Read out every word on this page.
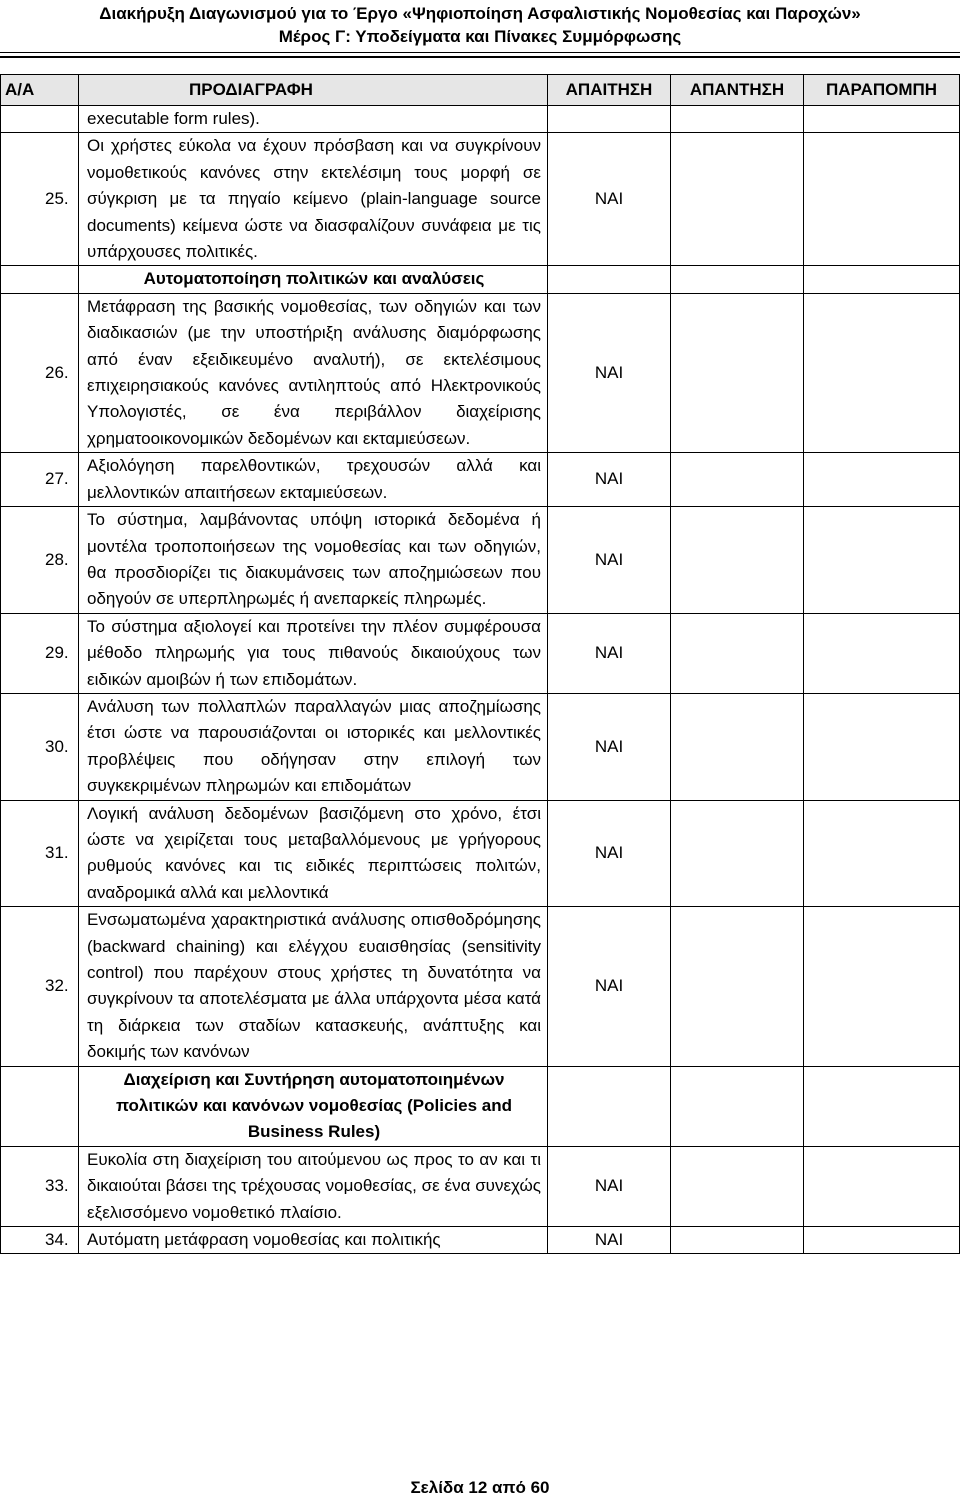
Διακήρυξη Διαγωνισμού για το Έργο «Ψηφιοποίηση Ασφαλιστικής Νομοθεσίας και Παροχών»
Μέρος Γ: Υποδείγματα και Πίνακες Συμμόρφωσης
Α/Α	ΠΡΟΔΙΑΓΡΑΦΗ	ΑΠΑΙΤΗΣΗ	ΑΠΑΝΤΗΣΗ	ΠΑΡΑΠΟΜΠΗ
	executable form rules).			
25.	Οι χρήστες εύκολα να έχουν πρόσβαση και να συγκρίνουν νομοθετικούς κανόνες στην εκτελέσιμη τους μορφή σε σύγκριση με τα πηγαίο κείμενο (plain-language source documents) κείμενα ώστε να διασφαλίζουν συνάφεια με τις υπάρχουσες πολιτικές.	ΝΑΙ		
	Αυτοματοποίηση πολιτικών και αναλύσεις			
26.	Μετάφραση της βασικής νομοθεσίας, των οδηγιών και των διαδικασιών (με την υποστήριξη ανάλυσης διαμόρφωσης από έναν εξειδικευμένο αναλυτή), σε εκτελέσιμους επιχειρησιακούς κανόνες αντιληπτούς από Ηλεκτρονικούς Υπολογιστές, σε ένα περιβάλλον διαχείρισης χρηματοοικονομικών δεδομένων και εκταμιεύσεων.	ΝΑΙ		
27.	Αξιολόγηση παρελθοντικών, τρεχουσών αλλά και μελλοντικών απαιτήσεων εκταμιεύσεων.	ΝΑΙ		
28.	Το σύστημα, λαμβάνοντας υπόψη ιστορικά δεδομένα ή μοντέλα τροποποιήσεων της νομοθεσίας και των οδηγιών, θα προσδιορίζει τις διακυμάνσεις των αποζημιώσεων που οδηγούν σε υπερπληρωμές ή ανεπαρκείς πληρωμές.	ΝΑΙ		
29.	Το σύστημα αξιολογεί και προτείνει την πλέον συμφέρουσα μέθοδο πληρωμής για τους πιθανούς δικαιούχους των ειδικών αμοιβών ή των επιδομάτων.	ΝΑΙ		
30.	Ανάλυση των πολλαπλών παραλλαγών μιας αποζημίωσης έτσι ώστε να παρουσιάζονται οι ιστορικές και μελλοντικές προβλέψεις που οδήγησαν στην επιλογή των συγκεκριμένων πληρωμών και επιδομάτων	ΝΑΙ		
31.	Λογική ανάλυση δεδομένων βασιζόμενη στο χρόνο, έτσι ώστε να χειρίζεται τους μεταβαλλόμενους με γρήγορους ρυθμούς κανόνες και τις ειδικές περιπτώσεις πολιτών, αναδρομικά αλλά και μελλοντικά	ΝΑΙ		
32.	Ενσωματωμένα χαρακτηριστικά ανάλυσης οπισθοδρόμησης (backward chaining) και ελέγχου ευαισθησίας (sensitivity control) που παρέχουν στους χρήστες τη δυνατότητα να συγκρίνουν τα αποτελέσματα με άλλα υπάρχοντα μέσα κατά τη διάρκεια των σταδίων κατασκευής, ανάπτυξης και δοκιμής των κανόνων	ΝΑΙ		

	Διαχείριση και Συντήρηση αυτοματοποιημένων
πολιτικών και κανόνων νομοθεσίας (Policies and
Business Rules)			

33.	Ευκολία στη διαχείριση του αιτούμενου ως προς το αν και τι δικαιούται βάσει της τρέχουσας νομοθεσίας, σε ένα συνεχώς εξελισσόμενο νομοθετικό πλαίσιο.	ΝΑΙ		
34.	Αυτόματη μετάφραση νομοθεσίας και πολιτικής	ΝΑΙ		
Σελίδα 12 από 60
